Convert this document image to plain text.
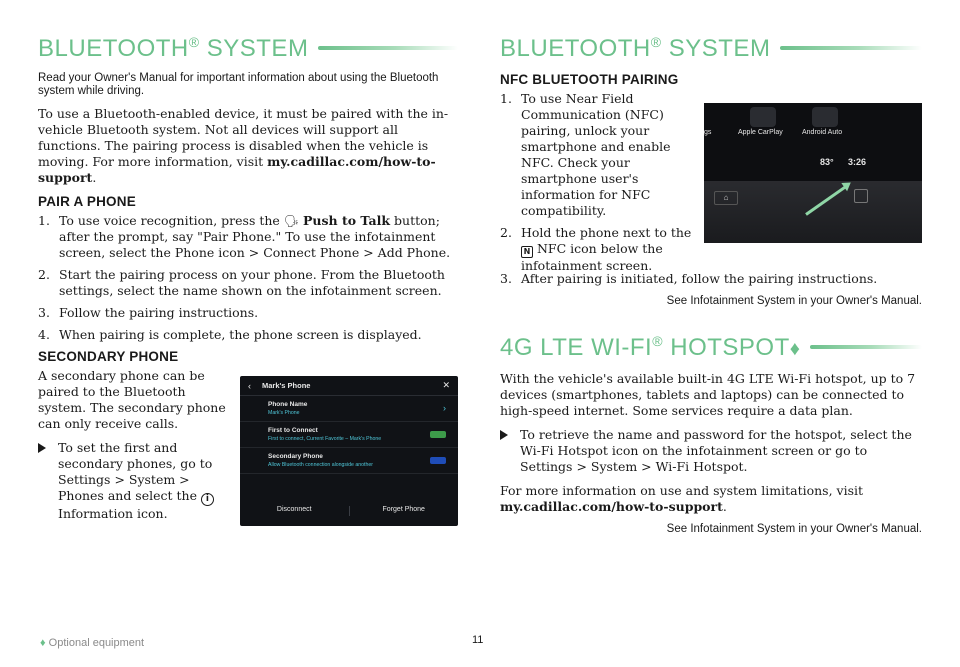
BLUETOOTH® SYSTEM

Read your Owner's Manual for important information about using the Bluetooth system while driving.

To use a Bluetooth-enabled device, it must be paired with the in-vehicle Bluetooth system. Not all devices will support all functions. The pairing process is disabled when the vehicle is moving. For more information, visit my.cadillac.com/how-to-support.

PAIR A PHONE
1. To use voice recognition, press the 🗣 Push to Talk button; after the prompt, say "Pair Phone." To use the infotainment screen, select the Phone icon > Connect Phone > Add Phone.
2. Start the pairing process on your phone. From the Bluetooth settings, select the name shown on the infotainment screen.
3. Follow the pairing instructions.
4. When pairing is complete, the phone screen is displayed.
SECONDARY PHONE

A secondary phone can be paired to the Bluetooth system. The secondary phone can only receive calls.

To set the first and secondary phones, go to Settings > System > Phones and select the i Information icon.
‹	Mark's Phone	✕
Phone Name
Mark's Phone	›
First to Connect
First to connect, Current Favorite – Mark's Phone
Secondary Phone
Allow Bluetooth connection alongside another
Disconnect	Forget Phone
BLUETOOTH® SYSTEM
NFC BLUETOOTH PAIRING
1. To use Near Field Communication (NFC) pairing, unlock your smartphone and enable NFC. Check your smartphone user's information for NFC compatibility.
2. Hold the phone next to the N NFC icon below the infotainment screen.
gs	Apple CarPlay	Android Auto
83° 3:26
⌂
3. After pairing is initiated, follow the pairing instructions.
See Infotainment System in your Owner's Manual.
4G LTE WI-FI® HOTSPOT♦

With the vehicle's available built-in 4G LTE Wi-Fi hotspot, up to 7 devices (smartphones, tablets and laptops) can be connected to high-speed internet. Some services require a data plan.

To retrieve the name and password for the hotspot, select the Wi-Fi Hotspot icon on the infotainment screen or go to Settings > System > Wi-Fi Hotspot.

For more information on use and system limitations, visit my.cadillac.com/how-to-support.

See Infotainment System in your Owner's Manual.
♦ Optional equipment	11
